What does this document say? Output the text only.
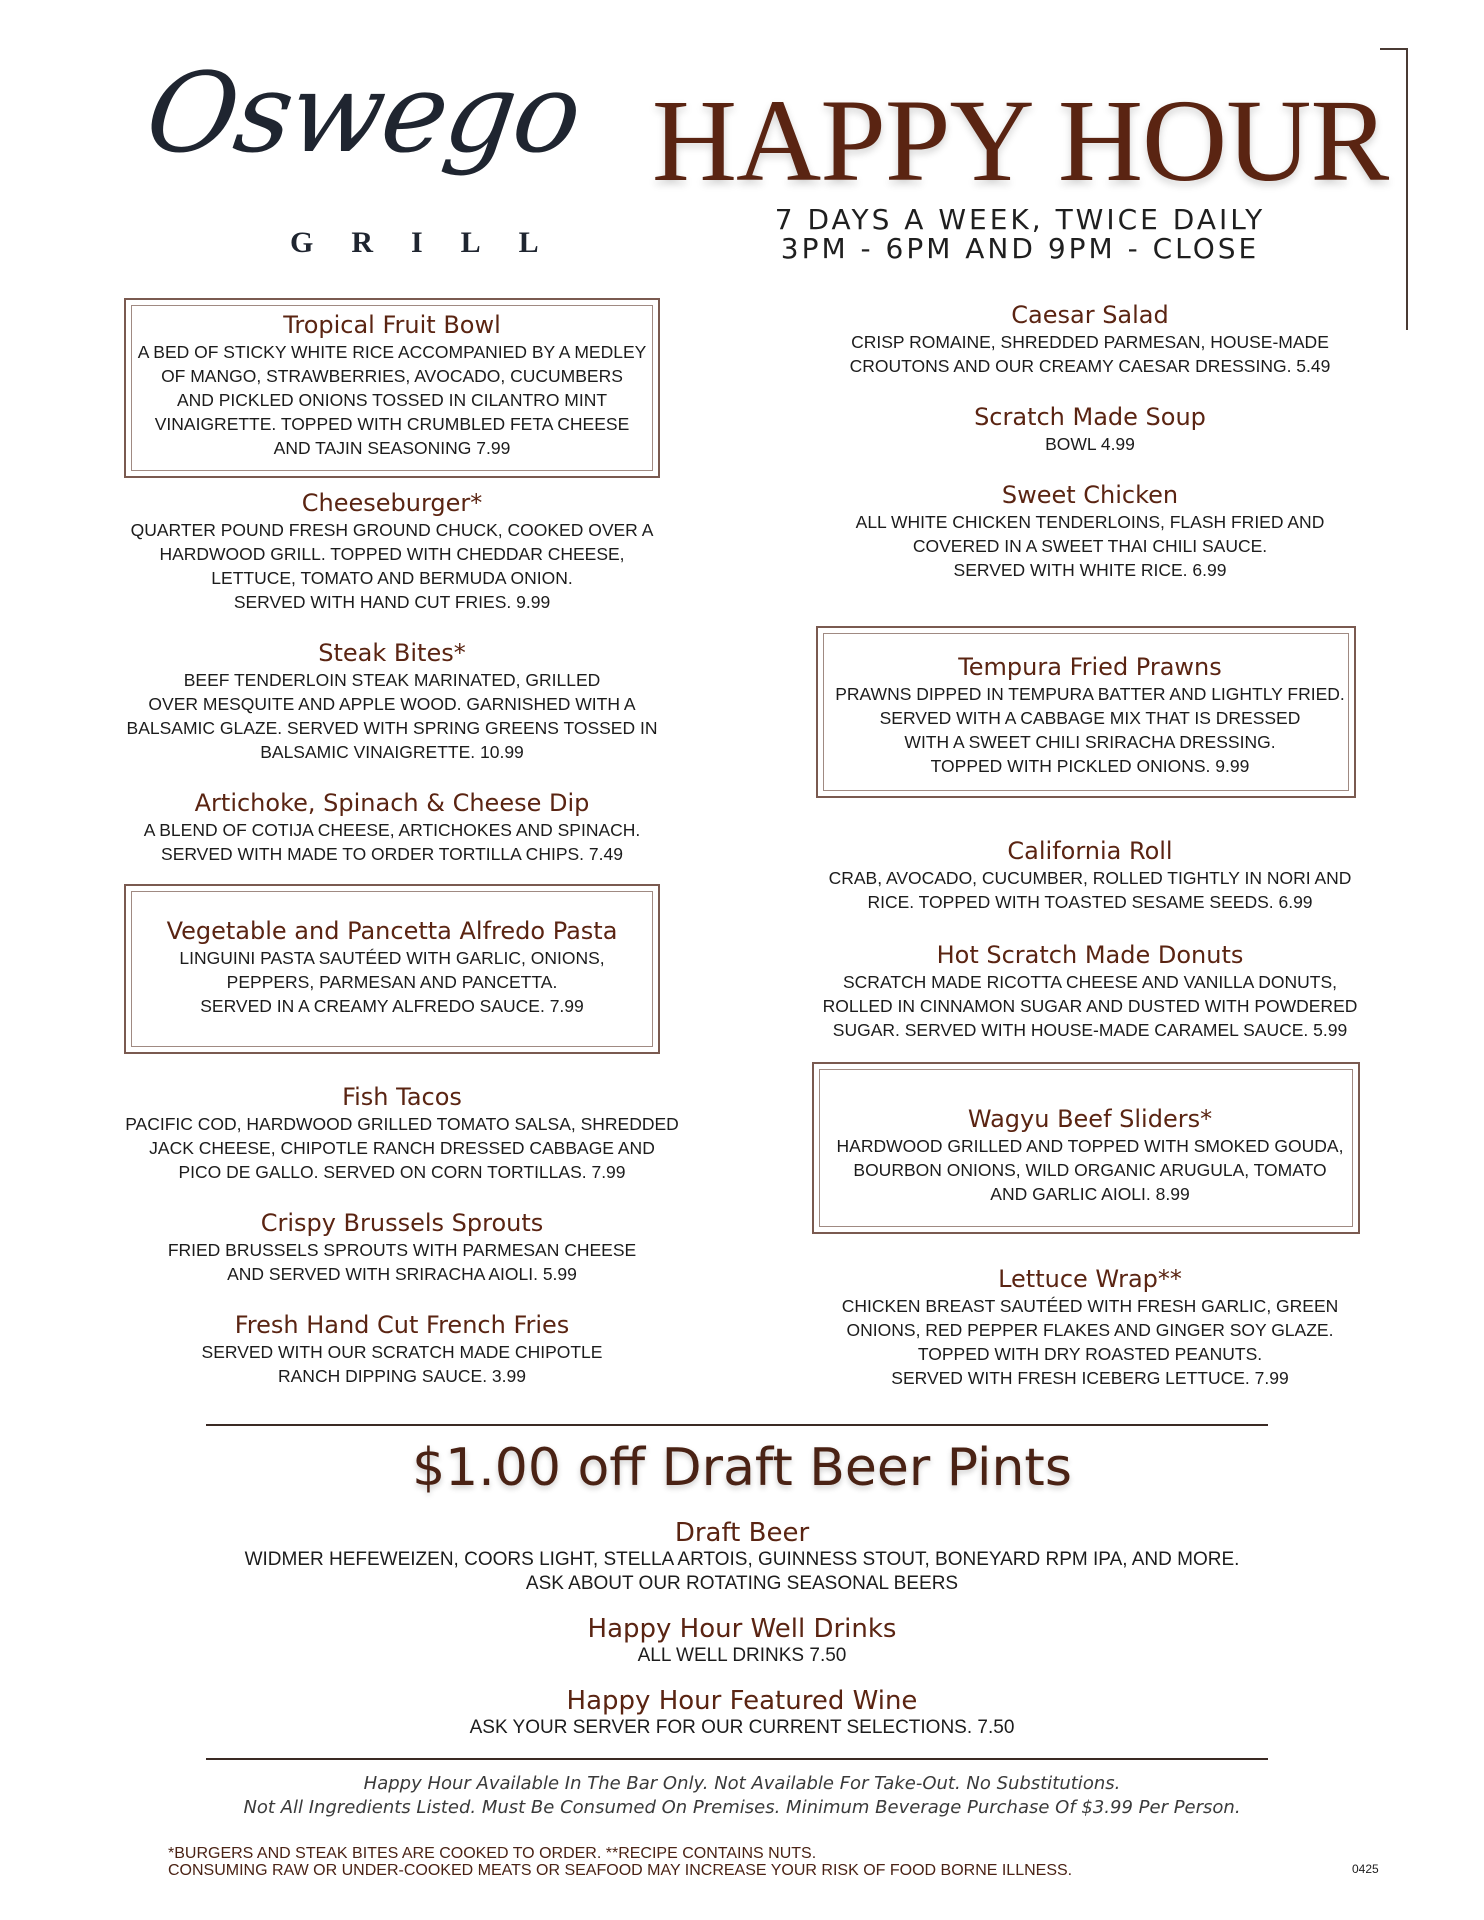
Oswego
GRILL
HAPPY HOUR
7 DAYS A WEEK, TWICE DAILY
3PM - 6PM AND 9PM - CLOSE
Tropical Fruit Bowl
A BED OF STICKY WHITE RICE ACCOMPANIED BY A MEDLEY
OF MANGO, STRAWBERRIES, AVOCADO, CUCUMBERS
AND PICKLED ONIONS TOSSED IN CILANTRO MINT
VINAIGRETTE. TOPPED WITH CRUMBLED FETA CHEESE
AND TAJIN SEASONING 7.99
Cheeseburger*
QUARTER POUND FRESH GROUND CHUCK, COOKED OVER A
HARDWOOD GRILL. TOPPED WITH CHEDDAR CHEESE,
LETTUCE, TOMATO AND BERMUDA ONION.
SERVED WITH HAND CUT FRIES. 9.99
Steak Bites*
BEEF TENDERLOIN STEAK MARINATED, GRILLED
OVER MESQUITE AND APPLE WOOD. GARNISHED WITH A
BALSAMIC GLAZE. SERVED WITH SPRING GREENS TOSSED IN
BALSAMIC VINAIGRETTE. 10.99
Artichoke, Spinach & Cheese Dip
A BLEND OF COTIJA CHEESE, ARTICHOKES AND SPINACH.
SERVED WITH MADE TO ORDER TORTILLA CHIPS. 7.49
Vegetable and Pancetta Alfredo Pasta
LINGUINI PASTA SAUTÉED WITH GARLIC, ONIONS,
PEPPERS, PARMESAN AND PANCETTA.
SERVED IN A CREAMY ALFREDO SAUCE. 7.99
Fish Tacos
PACIFIC COD, HARDWOOD GRILLED TOMATO SALSA, SHREDDED
JACK CHEESE, CHIPOTLE RANCH DRESSED CABBAGE AND
PICO DE GALLO. SERVED ON CORN TORTILLAS. 7.99
Crispy Brussels Sprouts
FRIED BRUSSELS SPROUTS WITH PARMESAN CHEESE
AND SERVED WITH SRIRACHA AIOLI. 5.99
Fresh Hand Cut French Fries
SERVED WITH OUR SCRATCH MADE CHIPOTLE
RANCH DIPPING SAUCE. 3.99
Caesar Salad
CRISP ROMAINE, SHREDDED PARMESAN, HOUSE-MADE
CROUTONS AND OUR CREAMY CAESAR DRESSING. 5.49
Scratch Made Soup
BOWL 4.99
Sweet Chicken
ALL WHITE CHICKEN TENDERLOINS, FLASH FRIED AND
COVERED IN A SWEET THAI CHILI SAUCE.
SERVED WITH WHITE RICE. 6.99
Tempura Fried Prawns
PRAWNS DIPPED IN TEMPURA BATTER AND LIGHTLY FRIED.
SERVED WITH A CABBAGE MIX THAT IS DRESSED
WITH A SWEET CHILI SRIRACHA DRESSING.
TOPPED WITH PICKLED ONIONS. 9.99
California Roll
CRAB, AVOCADO, CUCUMBER, ROLLED TIGHTLY IN NORI AND
RICE. TOPPED WITH TOASTED SESAME SEEDS. 6.99
Hot Scratch Made Donuts
SCRATCH MADE RICOTTA CHEESE AND VANILLA DONUTS,
ROLLED IN CINNAMON SUGAR AND DUSTED WITH POWDERED
SUGAR. SERVED WITH HOUSE-MADE CARAMEL SAUCE. 5.99
Wagyu Beef Sliders*
HARDWOOD GRILLED AND TOPPED WITH SMOKED GOUDA,
BOURBON ONIONS, WILD ORGANIC ARUGULA, TOMATO
AND GARLIC AIOLI. 8.99
Lettuce Wrap**
CHICKEN BREAST SAUTÉED WITH FRESH GARLIC, GREEN
ONIONS, RED PEPPER FLAKES AND GINGER SOY GLAZE.
TOPPED WITH DRY ROASTED PEANUTS.
SERVED WITH FRESH ICEBERG LETTUCE. 7.99
$1.00 off Draft Beer Pints
Draft Beer
WIDMER HEFEWEIZEN, COORS LIGHT, STELLA ARTOIS, GUINNESS STOUT, BONEYARD RPM IPA, AND MORE.
ASK ABOUT OUR ROTATING SEASONAL BEERS
Happy Hour Well Drinks
ALL WELL DRINKS 7.50
Happy Hour Featured Wine
ASK YOUR SERVER FOR OUR CURRENT SELECTIONS. 7.50
Happy Hour Available In The Bar Only. Not Available For Take-Out. No Substitutions.
Not All Ingredients Listed. Must Be Consumed On Premises. Minimum Beverage Purchase Of $3.99 Per Person.
*BURGERS AND STEAK BITES ARE COOKED TO ORDER. **RECIPE CONTAINS NUTS.
CONSUMING RAW OR UNDER-COOKED MEATS OR SEAFOOD MAY INCREASE YOUR RISK OF FOOD BORNE ILLNESS.	0425
